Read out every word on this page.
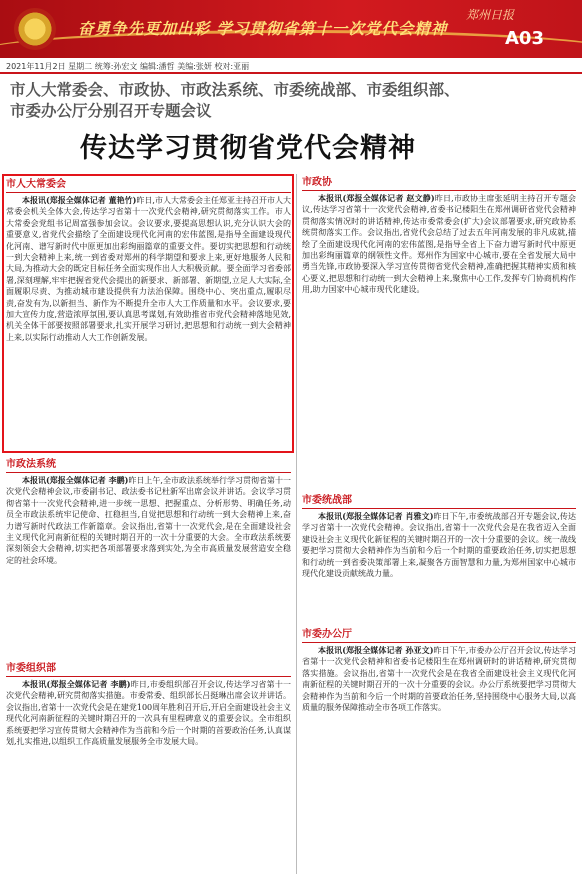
奋勇争先更加出彩 学习贯彻省第十一次党代会精神
郑州日报
A03
2021年11月2日 星期二 统筹:孙宏文 编辑:潘哲 美编:张妍 校对:亚丽
市人大常委会、市政协、市政法系统、市委统战部、市委组织部、
市委办公厅分别召开专题会议
传达学习贯彻省党代会精神
市人大常委会

本报讯(郑报全媒体记者 董艳竹)昨日,市人大常委会主任郑亚主持召开市人大常委会机关全体大会,传达学习省第十一次党代会精神,研究贯彻落实工作。市人大常委会党组书记周富强参加会议。会议要求,要提高思想认识,充分认识大会的重要意义,省党代会描绘了全面建设现代化河南的宏伟蓝图,是指导全面建设现代化河南、谱写新时代中原更加出彩绚丽篇章的重要文件。要切实把思想和行动统一到大会精神上来,统一到省委对郑州的科学期望和要求上来,更好地服务人民和大局,为推动大会的既定目标任务全面实现作出人大积极贡献。要全面学习省委部署,深刻理解,牢牢把握省党代会提出的新要求、新部署、新期望,立足人大实际,全面履职尽责、为推动城市建设提供有力法治保障。围绕中心、突出重点,履职尽责,奋发有为,以新担当、新作为不断提升全市人大工作质量和水平。会议要求,要加大宣传力度,营造浓厚氛围,要认真思考谋划,有效助推省市党代会精神落地见效,机关全体干部要按照部署要求,扎实开展学习研讨,把思想和行动统一到大会精神上来,以实际行动推动人大工作创新发展。

市政协

本报讯(郑报全媒体记者 赵文静)昨日,市政协主席张延明主持召开专题会议,传达学习省第十一次党代会精神,省委书记楼阳生在郑州调研省党代会精神贯彻落实情况时的讲话精神,传达市委常委会(扩大)会议部署要求,研究政协系统贯彻落实工作。会议指出,省党代会总结了过去五年河南发展的非凡成就,描绘了全面建设现代化河南的宏伟蓝图,是指导全省上下奋力谱写新时代中原更加出彩绚丽篇章的纲领性文件。郑州作为国家中心城市,要在全省发展大局中勇当先锋,市政协要深入学习宣传贯彻省党代会精神,准确把握其精神实质和核心要义,把思想和行动统一到大会精神上来,聚焦中心工作,发挥专门协商机构作用,助力国家中心城市现代化建设。

市政法系统

本报讯(郑报全媒体记者 李鹏)昨日上午,全市政法系统举行学习贯彻省第十一次党代会精神会议,市委副书记、政法委书记杜新军出席会议并讲话。会议学习贯彻省第十一次党代会精神,进一步统一思想、把握重点、分析形势、明确任务,动员全市政法系统牢记使命、扛稳担当,自觉把思想和行动统一到大会精神上来,奋力谱写新时代政法工作新篇章。会议指出,省第十一次党代会,是在全面建设社会主义现代化河南新征程的关键时期召开的一次十分重要的大会。全市政法系统要深刻领会大会精神,切实把各项部署要求落到实处,为全市高质量发展营造安全稳定的社会环境。

市委统战部

本报讯(郑报全媒体记者 肖雅文)昨日下午,市委统战部召开专题会议,传达学习省第十一次党代会精神。会议指出,省第十一次党代会是在我省迈入全面建设社会主义现代化新征程的关键时期召开的一次十分重要的会议。统一战线要把学习贯彻大会精神作为当前和今后一个时期的重要政治任务,切实把思想和行动统一到省委决策部署上来,凝聚各方面智慧和力量,为郑州国家中心城市现代化建设贡献统战力量。

市委组织部

本报讯(郑报全媒体记者 李鹏)昨日,市委组织部召开会议,传达学习省第十一次党代会精神,研究贯彻落实措施。市委常委、组织部长吕挺琳出席会议并讲话。会议指出,省第十一次党代会是在建党100周年胜利召开后,开启全面建设社会主义现代化河南新征程的关键时期召开的一次具有里程碑意义的重要会议。全市组织系统要把学习宣传贯彻大会精神作为当前和今后一个时期的首要政治任务,认真谋划,扎实推进,以组织工作高质量发展服务全市发展大局。

市委办公厅

本报讯(郑报全媒体记者 孙亚文)昨日下午,市委办公厅召开会议,传达学习省第十一次党代会精神和省委书记楼阳生在郑州调研时的讲话精神,研究贯彻落实措施。会议指出,省第十一次党代会是在我省全面建设社会主义现代化河南新征程的关键时期召开的一次十分重要的会议。办公厅系统要把学习贯彻大会精神作为当前和今后一个时期的首要政治任务,坚持围绕中心服务大局,以高质量的服务保障推动全市各项工作落实。
